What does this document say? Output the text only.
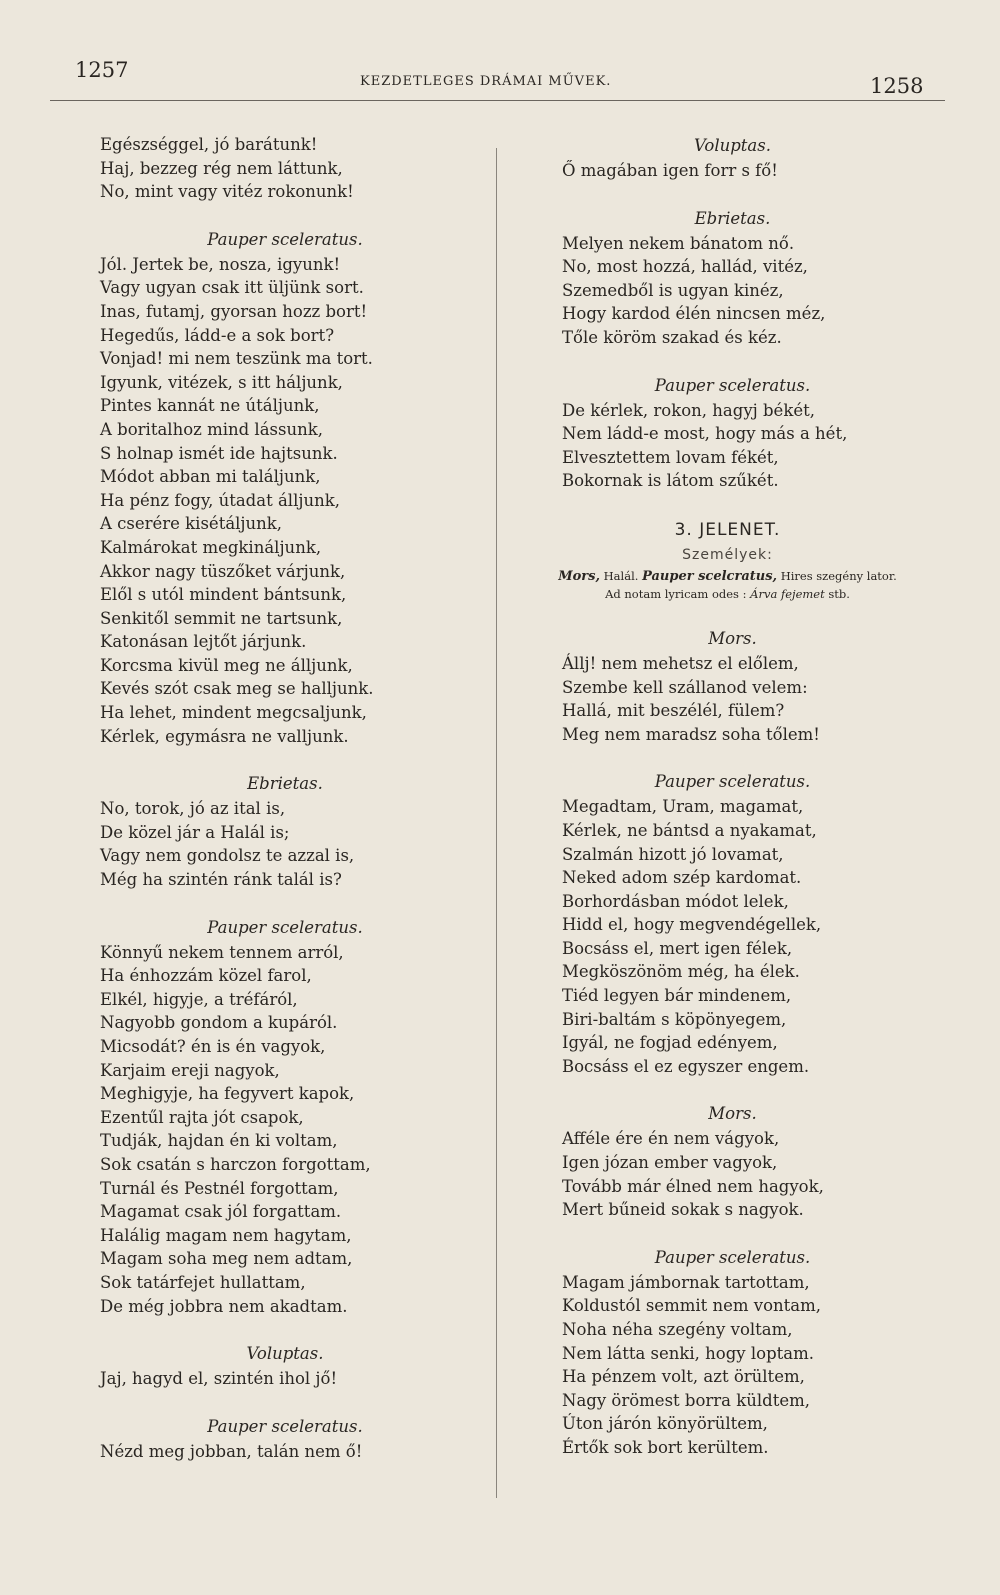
1257	KEZDETLEGES DRÁMAI MŰVEK.	1258
Egészséggel, jó barátunk!
Haj, bezzeg rég nem láttunk,
No, mint vagy vitéz rokonunk!
Pauper sceleratus.
Jól. Jertek be, nosza, igyunk!
Vagy ugyan csak itt üljünk sort.
Inas, futamj, gyorsan hozz bort!
Hegedűs, ládd-e a sok bort?
Vonjad! mi nem teszünk ma tort.
Igyunk, vitézek, s itt háljunk,
Pintes kannát ne útáljunk,
A boritalhoz mind lássunk,
S holnap ismét ide hajtsunk.
Módot abban mi találjunk,
Ha pénz fogy, útadat álljunk,
A cserére kisétáljunk,
Kalmárokat megkináljunk,
Akkor nagy tüszőket várjunk,
Elől s utól mindent bántsunk,
Senkitől semmit ne tartsunk,
Katonásan lejtőt járjunk.
Korcsma kivül meg ne álljunk,
Kevés szót csak meg se halljunk.
Ha lehet, mindent megcsaljunk,
Kérlek, egymásra ne valljunk.
Ebrietas.
No, torok, jó az ital is,
De közel jár a Halál is;
Vagy nem gondolsz te azzal is,
Még ha szintén ránk talál is?
Pauper sceleratus.
Könnyű nekem tennem arról,
Ha énhozzám közel farol,
Elkél, higyje, a tréfáról,
Nagyobb gondom a kupáról.
Micsodát? én is én vagyok,
Karjaim ereji nagyok,
Meghigyje, ha fegyvert kapok,
Ezentűl rajta jót csapok,
Tudják, hajdan én ki voltam,
Sok csatán s harczon forgottam,
Turnál és Pestnél forgottam,
Magamat csak jól forgattam.
Halálig magam nem hagytam,
Magam soha meg nem adtam,
Sok tatárfejet hullattam,
De még jobbra nem akadtam.
Voluptas.
Jaj, hagyd el, szintén ihol jő!
Pauper sceleratus.
Nézd meg jobban, talán nem ő!
Voluptas.
Ő magában igen forr s fő!
Ebrietas.
Melyen nekem bánatom nő.
No, most hozzá, hallád, vitéz,
Szemedből is ugyan kinéz,
Hogy kardod élén nincsen méz,
Tőle köröm szakad és kéz.
Pauper sceleratus.
De kérlek, rokon, hagyj békét,
Nem ládd-e most, hogy más a hét,
Elvesztettem lovam fékét,
Bokornak is látom szűkét.
3. JELENET.
Személyek:
Mors, Halál. Pauper scelcratus, Hires szegény lator.
Ad notam lyricam odes : Árva fejemet stb.
Mors.
Állj! nem mehetsz el előlem,
Szembe kell szállanod velem:
Hallá, mit beszélél, fülem?
Meg nem maradsz soha tőlem!
Pauper sceleratus.
Megadtam, Uram, magamat,
Kérlek, ne bántsd a nyakamat,
Szalmán hizott jó lovamat,
Neked adom szép kardomat.
Borhordásban módot lelek,
Hidd el, hogy megvendégellek,
Bocsáss el, mert igen félek,
Megköszönöm még, ha élek.
Tiéd legyen bár mindenem,
Biri-baltám s köpönyegem,
Igyál, ne fogjad edényem,
Bocsáss el ez egyszer engem.
Mors.
Afféle ére én nem vágyok,
Igen józan ember vagyok,
Tovább már élned nem hagyok,
Mert bűneid sokak s nagyok.
Pauper sceleratus.
Magam jámbornak tartottam,
Koldustól semmit nem vontam,
Noha néha szegény voltam,
Nem látta senki, hogy loptam.
Ha pénzem volt, azt örültem,
Nagy örömest borra küldtem,
Úton járón könyörültem,
Értők sok bort kerültem.
